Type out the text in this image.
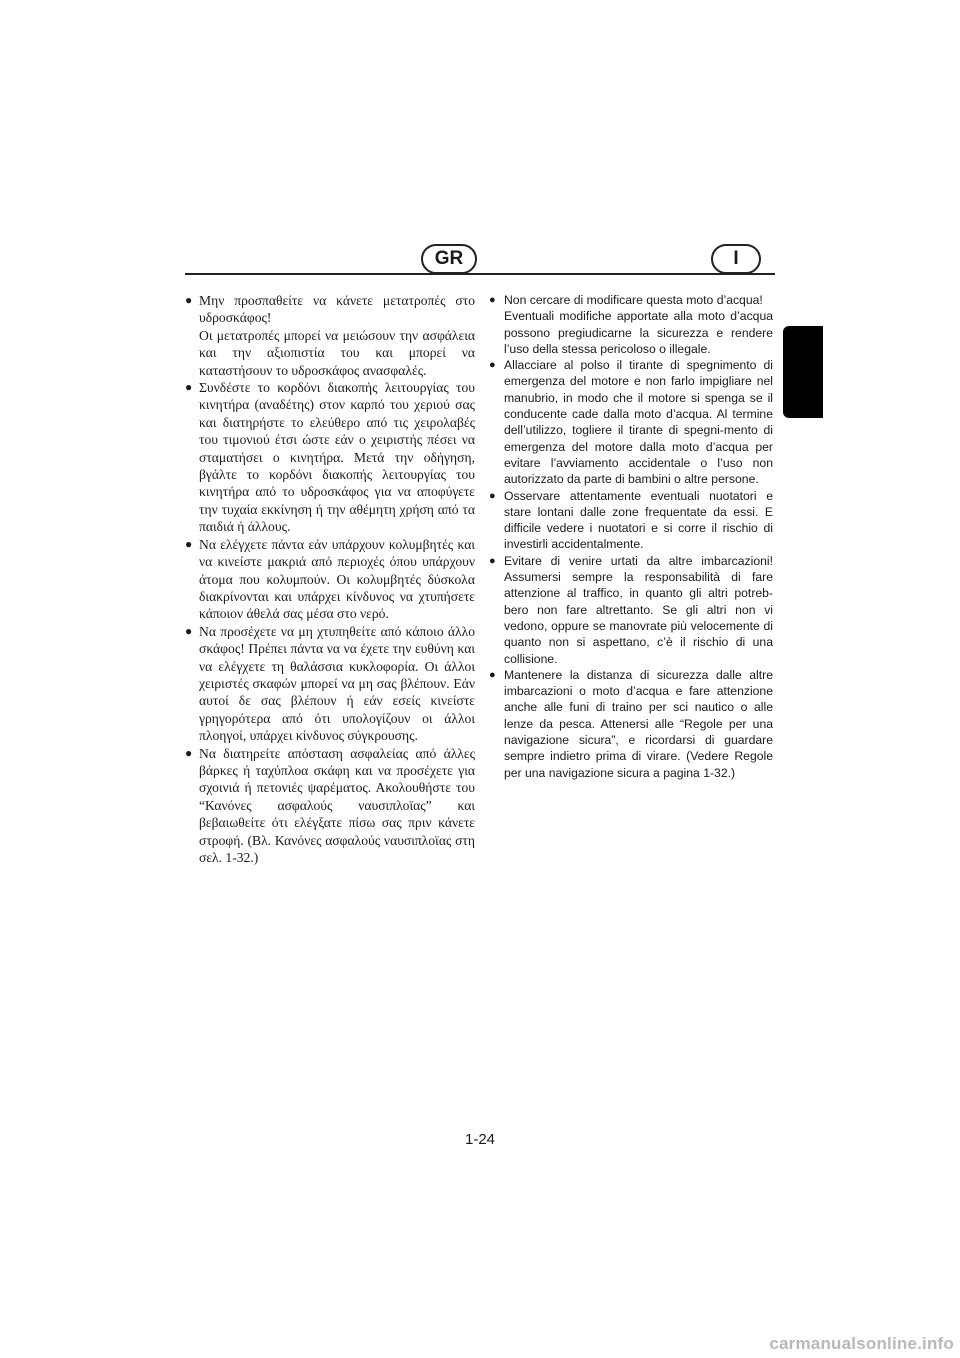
GR	I
● Μην προσπαθείτε να κάνετε μετατροπές στο υδροσκάφος!
Οι μετατροπές μπορεί να μειώσουν την ασφάλεια και την αξιοπιστία του και μπορεί να καταστήσουν το υδροσκάφος ανασφαλές.
● Συνδέστε το κορδόνι διακοπής λειτουργίας του κινητήρα (αναδέτης) στον καρπό του χεριού σας και διατηρήστε το ελεύθερο από τις χειρολαβές του τιμονιού έτσι ώστε εάν ο χειριστής πέσει να σταματήσει ο κινητήρα. Μετά την οδήγηση, βγάλτε το κορδόνι διακοπής λειτουργίας του κινητήρα από το υδροσκάφος για να αποφύγετε την τυχαία εκκίνηση ή την αθέμητη χρήση από τα παιδιά ή άλλους.
● Να ελέγχετε πάντα εάν υπάρχουν κολυμβητές και να κινείστε μακριά από περιοχές όπου υπάρχουν άτομα που κολυμπούν. Οι κολυμβητές δύσκολα διακρίνονται και υπάρχει κίνδυνος να χτυπήσετε κάποιον άθελά σας μέσα στο νερό.
● Να προσέχετε να μη χτυπηθείτε από κάποιο άλλο σκάφος! Πρέπει πάντα να να έχετε την ευθύνη και να ελέγχετε τη θαλάσσια κυκλοφορία. Οι άλλοι χειριστές σκαφών μπορεί να μη σας βλέπουν. Εάν αυτοί δε σας βλέπουν ή εάν εσείς κινείστε γρηγορότερα από ότι υπολογίζουν οι άλλοι πλοηγοί, υπάρχει κίνδυνος σύγκρουσης.
● Να διατηρείτε απόσταση ασφαλείας από άλλες βάρκες ή ταχύπλοα σκάφη και να προσέχετε για σχοινιά ή πετονιές ψαρέματος. Ακολουθήστε του “Κανόνες ασφαλούς ναυσιπλοϊας” και βεβαιωθείτε ότι ελέγξατε πίσω σας πριν κάνετε στροφή. (Βλ. Κανόνες ασφαλούς ναυσιπλοϊας στη σελ. 1-32.)
● Non cercare di modificare questa moto d’acqua!
Eventuali modifiche apportate alla moto d’acqua possono pregiudicarne la sicurezza e rendere l’uso della stessa pericoloso o illegale.
● Allacciare al polso il tirante di spegnimento di emergenza del motore e non farlo impigliare nel manubrio, in modo che il motore si spenga se il conducente cade dalla moto d’acqua. Al termine dell’utilizzo, togliere il tirante di spegni-mento di emergenza del motore dalla moto d’acqua per evitare l’avviamento accidentale o l’uso non autorizzato da parte di bambini o altre persone.
● Osservare attentamente eventuali nuotatori e stare lontani dalle zone frequentate da essi. E difficile vedere i nuotatori e si corre il rischio di investirli accidentalmente.
● Evitare di venire urtati da altre imbarcazioni! Assumersi sempre la responsabilità di fare attenzione al traffico, in quanto gli altri potreb-bero non fare altrettanto. Se gli altri non vi vedono, oppure se manovrate più velocemente di quanto non si aspettano, c’è il rischio di una collisione.
● Mantenere la distanza di sicurezza dalle altre imbarcazioni o moto d’acqua e fare attenzione anche alle funi di traino per sci nautico o alle lenze da pesca. Attenersi alle “Regole per una navigazione sicura”, e ricordarsi di guardare sempre indietro prima di virare. (Vedere Regole per una navigazione sicura a pagina 1-32.)
1-24
carmanualsonline.info
